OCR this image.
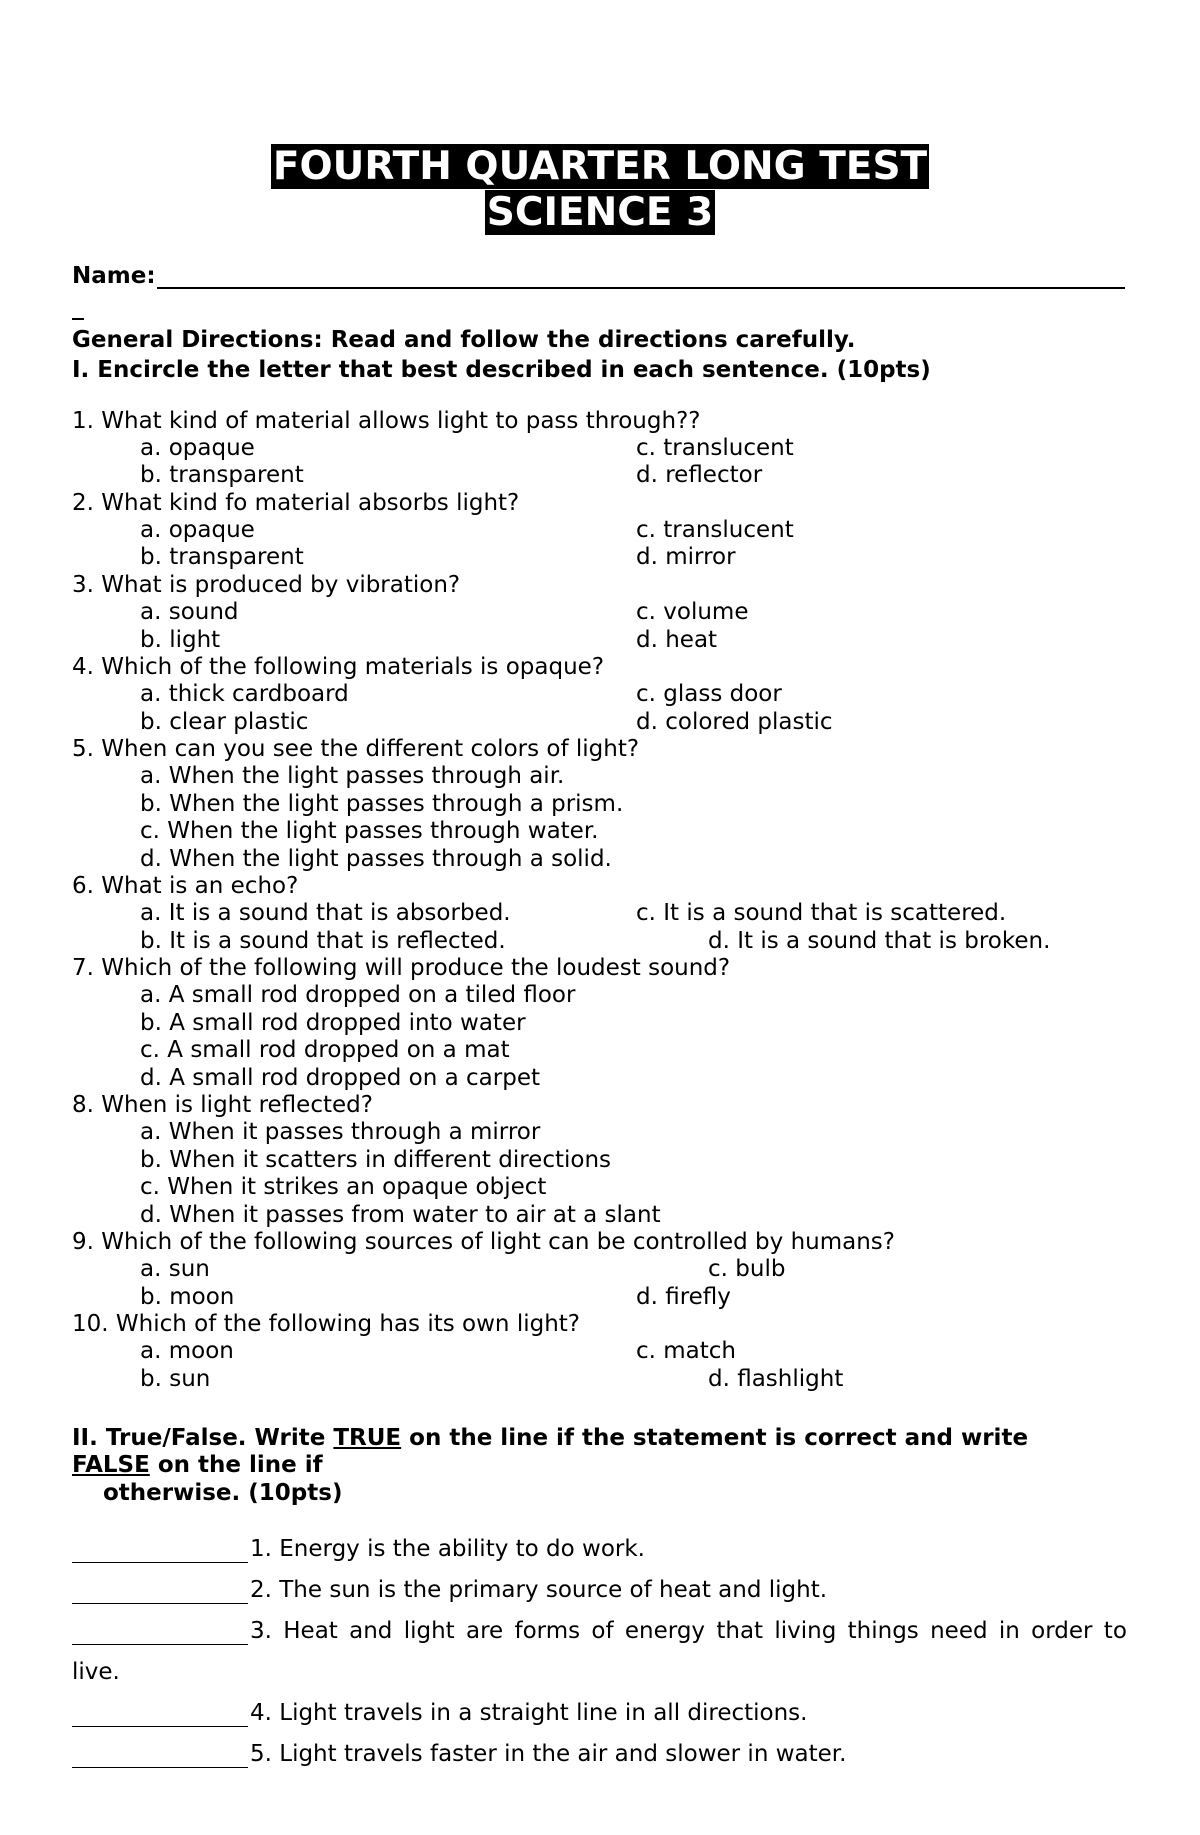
FOURTH QUARTER LONG TEST
SCIENCE 3
Name:
General Directions: Read and follow the directions carefully.
I. Encircle the letter that best described in each sentence. (10pts)
1. What kind of material allows light to pass through??
a. opaque	c. translucent
b. transparent	d. reflector
2. What kind fo material absorbs light?
a. opaque	c. translucent
b. transparent	d. mirror
3. What is produced by vibration?
a. sound	c. volume
b. light	d. heat
4. Which of the following materials is opaque?
a. thick cardboard	c. glass door
b. clear plastic	d. colored plastic
5. When can you see the different colors of light?
a. When the light passes through air.
b. When the light passes through a prism.
c. When the light passes through water.
d. When the light passes through a solid.
6. What is an echo?
a. It is a sound that is absorbed.	c. It is a sound that is scattered.
b. It is a sound that is reflected.	d. It is a sound that is broken.
7. Which of the following will produce the loudest sound?
a. A small rod dropped on a tiled floor
b. A small rod dropped into water
c. A small rod dropped on a mat
d. A small rod dropped on a carpet
8. When is light reflected?
a. When it passes through a mirror
b. When it scatters in different directions
c. When it strikes an opaque object
d. When it passes from water to air at a slant
9. Which of the following sources of light can be controlled by humans?
a. sun	c. bulb
b. moon	d. firefly
10. Which of the following has its own light?
a. moon	c. match
b. sun	d. flashlight
II. True/False. Write TRUE on the line if the statement is correct and write
FALSE on the line if
otherwise. (10pts)
1. Energy is the ability to do work.
2. The sun is the primary source of heat and light.
3. Heat and light are forms of energy that living things need in order to
live.
4. Light travels in a straight line in all directions.
5. Light travels faster in the air and slower in water.
